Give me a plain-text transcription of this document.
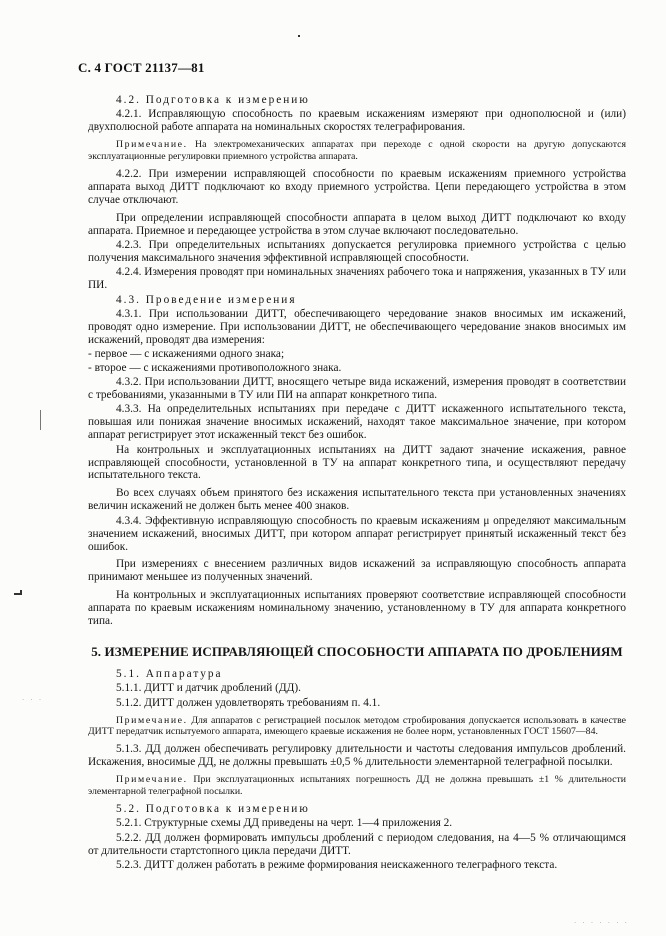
. . .
. . . . . . .
С. 4 ГОСТ 21137—81
4.2. Подготовка к измерению
4.2.1. Исправляющую способность по краевым искажениям измеряют при однополюсной и (или) двухполюсной работе аппарата на номинальных скоростях телеграфирования.
Примечание. На электромеханических аппаратах при переходе с одной скорости на другую допускаются эксплуатационные регулировки приемного устройства аппарата.
4.2.2. При измерении исправляющей способности по краевым искажениям приемного устройства аппарата выход ДИТТ подключают ко входу приемного устройства. Цепи передающего устройства в этом случае отключают.
При определении исправляющей способности аппарата в целом выход ДИТТ подключают ко входу аппарата. Приемное и передающее устройства в этом случае включают последовательно.
4.2.3. При определительных испытаниях допускается регулировка приемного устройства с целью получения максимального значения эффективной исправляющей способности.
4.2.4. Измерения проводят при номинальных значениях рабочего тока и напряжения, указанных в ТУ или ПИ.
4.3. Проведение измерения
4.3.1. При использовании ДИТТ, обеспечивающего чередование знаков вносимых им искажений, проводят одно измерение. При использовании ДИТТ, не обеспечивающего чередование знаков вносимых им искажений, проводят два измерения:
- первое — с искажениями одного знака;
- второе — с искажениями противоположного знака.
4.3.2. При использовании ДИТТ, вносящего четыре вида искажений, измерения проводят в соответствии с требованиями, указанными в ТУ или ПИ на аппарат конкретного типа.
4.3.3. На определительных испытаниях при передаче с ДИТТ искаженного испытательного текста, повышая или понижая значение вносимых искажений, находят такое максимальное значение, при котором аппарат регистрирует этот искаженный текст без ошибок.
На контрольных и эксплуатационных испытаниях на ДИТТ задают значение искажения, равное исправляющей способности, установленной в ТУ на аппарат конкретного типа, и осуществляют передачу испытательного текста.
Во всех случаях объем принятого без искажения испытательного текста при установленных значениях величин искажений не должен быть менее 400 знаков.
4.3.4. Эффективную исправляющую способность по краевым искажениям μ определяют максимальным значением искажений, вносимых ДИТТ, при котором аппарат регистрирует принятый искаженный текст без ошибок.
При измерениях с внесением различных видов искажений за исправляющую способность аппарата принимают меньшее из полученных значений.
На контрольных и эксплуатационных испытаниях проверяют соответствие исправляющей способности аппарата по краевым искажениям номинальному значению, установленному в ТУ для аппарата конкретного типа.
5. ИЗМЕРЕНИЕ ИСПРАВЛЯЮЩЕЙ СПОСОБНОСТИ АППАРАТА ПО ДРОБЛЕНИЯМ
5.1. Аппаратура
5.1.1. ДИТТ и датчик дроблений (ДД).
5.1.2. ДИТТ должен удовлетворять требованиям п. 4.1.
Примечание. Для аппаратов с регистрацией посылок методом стробирования допускается использовать в качестве ДИТТ передатчик испытуемого аппарата, имеющего краевые искажения не более норм, установленных ГОСТ 15607—84.
5.1.3. ДД должен обеспечивать регулировку длительности и частоты следования импульсов дроблений. Искажения, вносимые ДД, не должны превышать ±0,5 % длительности элементарной телеграфной посылки.
Примечание. При эксплуатационных испытаниях погрешность ДД не должна превышать ±1 % длительности элементарной телеграфной посылки.
5.2. Подготовка к измерению
5.2.1. Структурные схемы ДД приведены на черт. 1—4 приложения 2.
5.2.2. ДД должен формировать импульсы дроблений с периодом следования, на 4—5 % отличающимся от длительности стартстопного цикла передачи ДИТТ.
5.2.3. ДИТТ должен работать в режиме формирования неискаженного телеграфного текста.
